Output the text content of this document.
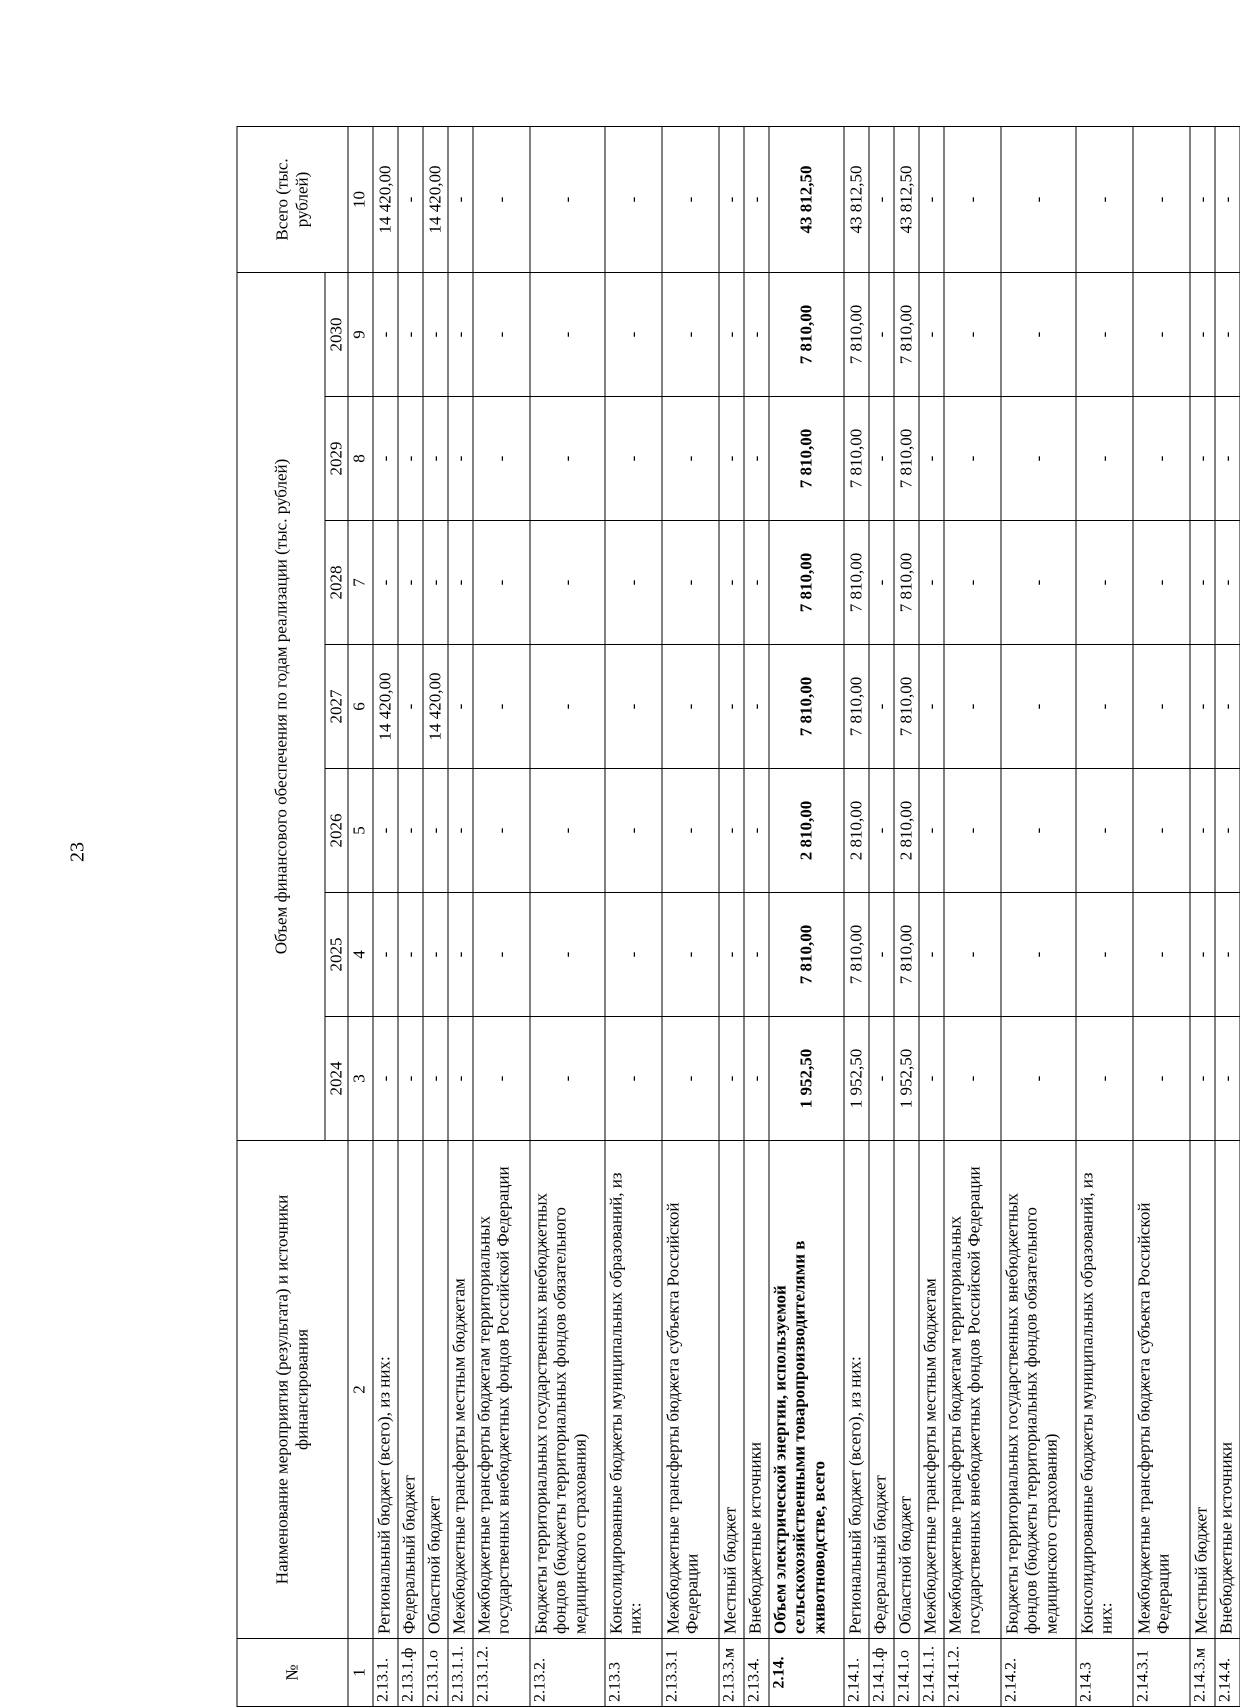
23
№	Наименование мероприятия (результата) и источники финансирования	Объем финансового обеспечения по годам реализации (тыс. рублей)							Всего (тыс. рублей)
		2024	2025	2026	2027	2028	2029	2030	
1	2	3	4	5	6	7	8	9	10
2.13.1.	Региональный бюджет (всего), из них:	-	-	-	14 420,00	-	-	-	14 420,00
2.13.1.ф	Федеральный бюджет	-	-	-	-	-	-	-	-
2.13.1.о	Областной бюджет	-	-	-	14 420,00	-	-	-	14 420,00
2.13.1.1.	Межбюджетные трансферты местным бюджетам	-	-	-	-	-	-	-	-
2.13.1.2.	Межбюджетные трансферты бюджетам территориальных государственных внебюджетных фондов Российской Федерации	-	-	-	-	-	-	-	-
2.13.2.	Бюджеты территориальных государственных внебюджетных фондов (бюджеты территориальных фондов обязательного медицинского страхования)	-	-	-	-	-	-	-	-
2.13.3	Консолидированные бюджеты муниципальных образований, из них:	-	-	-	-	-	-	-	-
2.13.3.1	Межбюджетные трансферты бюджета субъекта Российской Федерации	-	-	-	-	-	-	-	-
2.13.3.м	Местный бюджет	-	-	-	-	-	-	-	-
2.13.4.	Внебюджетные источники	-	-	-	-	-	-	-	-
2.14.	Объем электрической энергии, используемой сельскохозяйственными товаропроизводителями в животноводстве, всего	1 952,50	7 810,00	2 810,00	7 810,00	7 810,00	7 810,00	7 810,00	43 812,50
2.14.1.	Региональный бюджет (всего), из них:	1 952,50	7 810,00	2 810,00	7 810,00	7 810,00	7 810,00	7 810,00	43 812,50
2.14.1.ф	Федеральный бюджет	-	-	-	-	-	-	-	-
2.14.1.о	Областной бюджет	1 952,50	7 810,00	2 810,00	7 810,00	7 810,00	7 810,00	7 810,00	43 812,50
2.14.1.1.	Межбюджетные трансферты местным бюджетам	-	-	-	-	-	-	-	-
2.14.1.2.	Межбюджетные трансферты бюджетам территориальных государственных внебюджетных фондов Российской Федерации	-	-	-	-	-	-	-	-
2.14.2.	Бюджеты территориальных государственных внебюджетных фондов (бюджеты территориальных фондов обязательного медицинского страхования)	-	-	-	-	-	-	-	-
2.14.3	Консолидированные бюджеты муниципальных образований, из них:	-	-	-	-	-	-	-	-
2.14.3.1	Межбюджетные трансферты бюджета субъекта Российской Федерации	-	-	-	-	-	-	-	-
2.14.3.м	Местный бюджет	-	-	-	-	-	-	-	-
2.14.4.	Внебюджетные источники	-	-	-	-	-	-	-	-
